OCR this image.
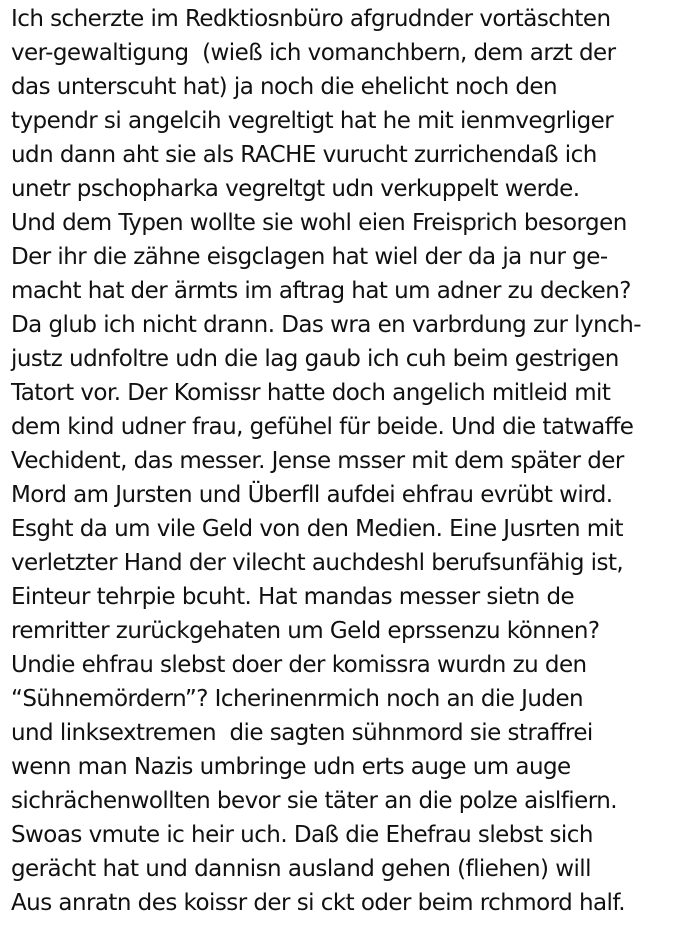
Ich scherzte im Redktiosnbüro afgrudnder vortäschten
ver-gewaltigung  (wieß ich vomanchbern, dem arzt der
das unterscuht hat) ja noch die ehelicht noch den
typendr si angelcih vegreltigt hat he mit ienmvegrliger
udn dann aht sie als RACHE vurucht zurrichendaß ich
unetr pschopharka vegreltgt udn verkuppelt werde.
Und dem Typen wollte sie wohl eien Freisprich besorgen
Der ihr die zähne eisgclagen hat wiel der da ja nur ge-
macht hat der ärmts im aftrag hat um adner zu decken?
Da glub ich nicht drann. Das wra en varbrdung zur lynch-
justz udnfoltre udn die lag gaub ich cuh beim gestrigen
Tatort vor. Der Komissr hatte doch angelich mitleid mit
dem kind udner frau, gefühel für beide. Und die tatwaffe
Vechident, das messer. Jense msser mit dem später der
Mord am Jursten und Überfll aufdei ehfrau evrübt wird.
Esght da um vile Geld von den Medien. Eine Jusrten mit
verletzter Hand der vilecht auchdeshl berufsunfähig ist,
Einteur tehrpie bcuht. Hat mandas messer sietn de
remritter zurückgehaten um Geld eprssenzu können?
Undie ehfrau slebst doer der komissra wurdn zu den
“Sühnemördern”? Icherinenrmich noch an die Juden
und linksextremen  die sagten sühnmord sie straffrei
wenn man Nazis umbringe udn erts auge um auge
sichrächenwollten bevor sie täter an die polze aislfiern.
Swoas vmute ic heir uch. Daß die Ehefrau slebst sich
gerächt hat und dannisn ausland gehen (fliehen) will
Aus anratn des koissr der si ckt oder beim rchmord half.
